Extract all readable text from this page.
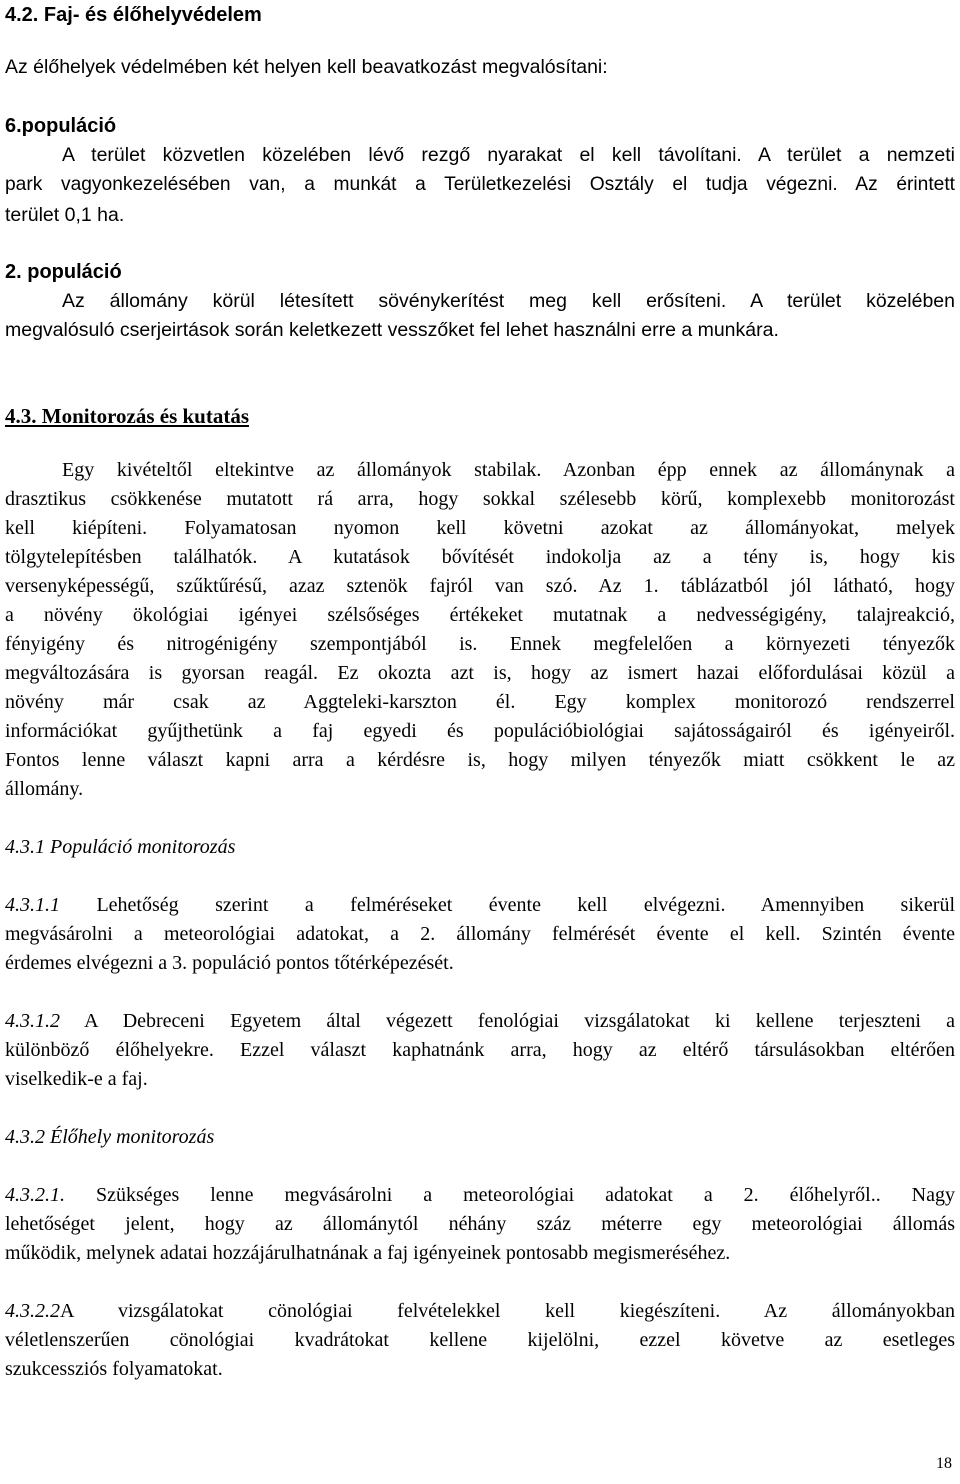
4.2. Faj- és élőhelyvédelem
Az élőhelyek védelmében két helyen kell beavatkozást megvalósítani:
6.populáció
A terület közvetlen közelében lévő rezgő nyarakat el kell távolítani. A terület a nemzeti
park vagyonkezelésében van, a munkát a Területkezelési Osztály el tudja végezni. Az érintett
terület 0,1 ha.
2. populáció
Az állomány körül létesített sövénykerítést meg kell erősíteni. A terület közelében
megvalósuló cserjeirtások során keletkezett vesszőket fel lehet használni erre a munkára.
4.3. Monitorozás és kutatás
Egy kivételtől eltekintve az állományok stabilak. Azonban épp ennek az állománynak a
drasztikus csökkenése mutatott rá arra, hogy sokkal szélesebb körű, komplexebb monitorozást
kell kiépíteni. Folyamatosan nyomon kell követni azokat az állományokat, melyek
tölgytelepítésben találhatók. A kutatások bővítését indokolja az a tény is, hogy kis
versenyképességű, szűktűrésű, azaz sztenök fajról van szó. Az 1. táblázatból jól látható, hogy
a növény ökológiai igényei szélsőséges értékeket mutatnak a nedvességigény, talajreakció,
fényigény és nitrogénigény szempontjából is. Ennek megfelelően a környezeti tényezők
megváltozására is gyorsan reagál. Ez okozta azt is, hogy az ismert hazai előfordulásai közül a
növény már csak az Aggteleki-karszton él. Egy komplex monitorozó rendszerrel
információkat gyűjthetünk a faj egyedi és populációbiológiai sajátosságairól és igényeiről.
Fontos lenne választ kapni arra a kérdésre is, hogy milyen tényezők miatt csökkent le az
állomány.
4.3.1 Populáció monitorozás
4.3.1.1 Lehetőség szerint a felméréseket évente kell elvégezni. Amennyiben sikerül
megvásárolni a meteorológiai adatokat, a 2. állomány felmérését évente el kell. Szintén évente
érdemes elvégezni a 3. populáció pontos tőtérképezését.
4.3.1.2 A Debreceni Egyetem által végezett fenológiai vizsgálatokat ki kellene terjeszteni a
különböző élőhelyekre. Ezzel választ kaphatnánk arra, hogy az eltérő társulásokban eltérően
viselkedik-e a faj.
4.3.2 Élőhely monitorozás
4.3.2.1. Szükséges lenne megvásárolni a meteorológiai adatokat a 2. élőhelyről.. Nagy
lehetőséget jelent, hogy az állománytól néhány száz méterre egy meteorológiai állomás
működik, melynek adatai hozzájárulhatnának a faj igényeinek pontosabb megismeréséhez.
4.3.2.2A vizsgálatokat cönológiai felvételekkel kell kiegészíteni. Az állományokban
véletlenszerűen cönológiai kvadrátokat kellene kijelölni, ezzel követve az esetleges
szukcessziós folyamatokat.
18
